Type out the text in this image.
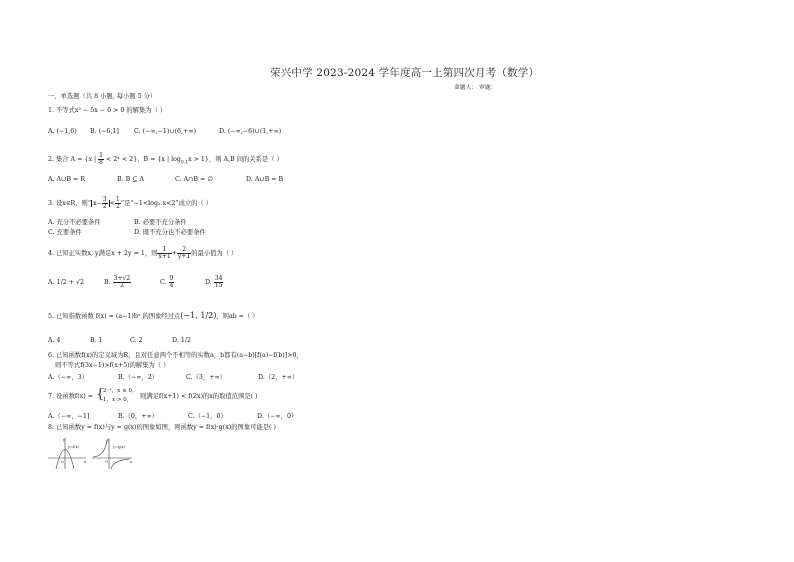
荣兴中学 2023-2024 学年度高一上第四次月考（数学）
命题人： 审题：
一、单选题（共 8 小题, 每小题 5 分）
1. 不等式x² − 5x − 6 > 0 的解集为（ ）
A. (−1,6) B. (−6,1] C. (−∞,−1)∪(6,+∞)	D. (−∞,−6)∪(1,+∞)
2. 集合 A = {x | $\frac{1}{8}$ < 2ˣ < 2}，B = {x | $\log_{0.1}x > 1$}，则 A,B 间的关系是（ ）
A. A∪B = R	B. B ⊆ A	C. A∩B = ∅	D. A∪B = B
3. 设x∈R，则“ $x- \frac{3}{2} < \frac{1}{2}$ ”是“−1<log₂ x<2”成立的（ ）
A. 充分不必要条件	B. 必要不充分条件
C. 充要条件	D. 既不充分也不必要条件
4. 已知正实数x, y满足x + 2y = 1，则 $\frac{1}{x+1} + \frac{2}{y+1}$ 的最小值为（ ）
A. 1/2 + √2	B. $\frac{3+√2}{2}$	C. $\frac{9}{4}$	D. $\frac{34}{15}$
5. 已知指数函数 f(x) = (a−1)bˣ 的图象经过点(−1, 1/2)，则ab =（ ）
A. 4	B. 1	C. 2	D. 1/2
6. 已知函数f(x)的定义域为R，且对任意两个不相等的实数a，b都有(a−b)[f(a)−f(b)]>0，
则不等式f(3x−1)>f(x+5)的解集为（ ）
A.（−∞，3）	B.（−∞，2）	C.（3，+∞）	D.（2，+∞）
7. 设函数f(x) = {
2⁻ˣ，x ≤ 0,
1，x > 0, 则满足f(x+1) < f(2x)的x的取值范围是( )
A.（−∞，−1]	B.（0，+∞）	C.（−1，0）	D.（−∞，0）
8. 已知函数y = f(x)与y = g(x)的图象如图，则函数y = f(x)·g(x)的图象可能是( )
y=f(x)
y
x
O
y=g(x)
y
x
O
